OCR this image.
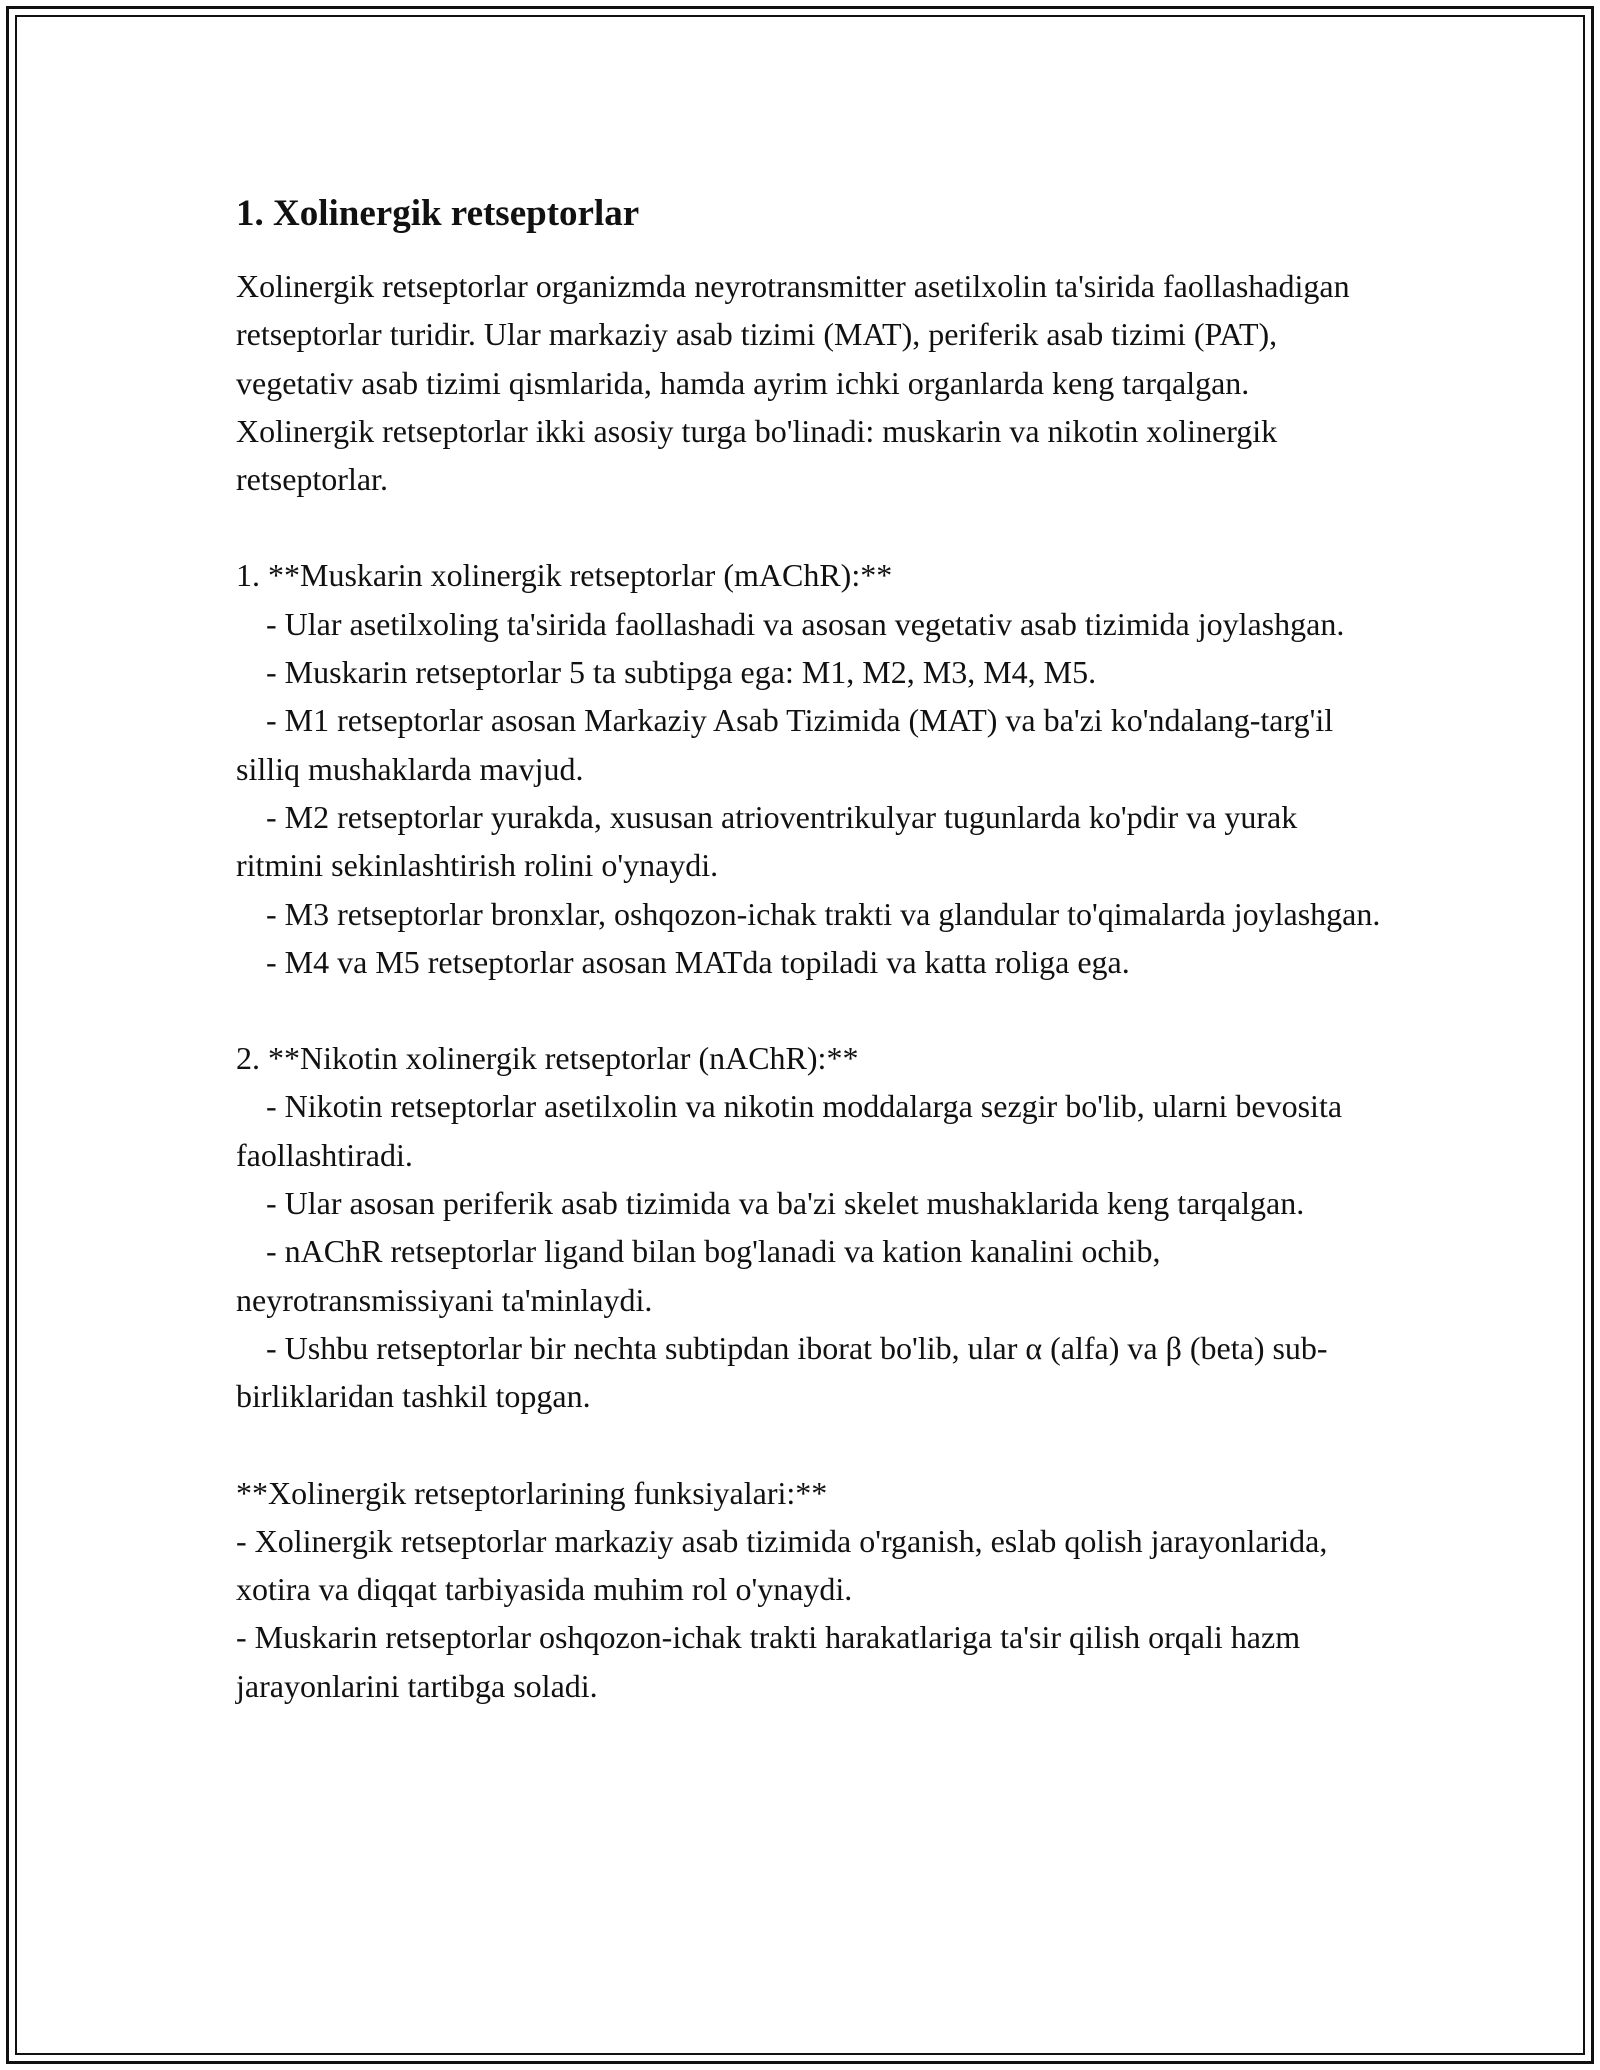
1. Xolinergik retseptorlar

Xolinergik retseptorlar organizmda neyrotransmitter asetilxolin ta'sirida faollashadigan retseptorlar turidir. Ular markaziy asab tizimi (MAT), periferik asab tizimi (PAT), vegetativ asab tizimi qismlarida, hamda ayrim ichki organlarda keng tarqalgan. Xolinergik retseptorlar ikki asosiy turga bo'linadi: muskarin va nikotin xolinergik retseptorlar.

1. **Muskarin xolinergik retseptorlar (mAChR):**
- Ular asetilxoling ta'sirida faollashadi va asosan vegetativ asab tizimida joylashgan.
- Muskarin retseptorlar 5 ta subtipga ega: M1, M2, M3, M4, M5.
- M1 retseptorlar asosan Markaziy Asab Tizimida (MAT) va ba'zi ko'ndalang-targ'il silliq mushaklarda mavjud.
- M2 retseptorlar yurakda, xususan atrioventrikulyar tugunlarda ko'pdir va yurak ritmini sekinlashtirish rolini o'ynaydi.
- M3 retseptorlar bronxlar, oshqozon-ichak trakti va glandular to'qimalarda joylashgan.
- M4 va M5 retseptorlar asosan MATda topiladi va katta roliga ega.
2. **Nikotin xolinergik retseptorlar (nAChR):**
- Nikotin retseptorlar asetilxolin va nikotin moddalarga sezgir bo'lib, ularni bevosita faollashtiradi.
- Ular asosan periferik asab tizimida va ba'zi skelet mushaklarida keng tarqalgan.
- nAChR retseptorlar ligand bilan bog'lanadi va kation kanalini ochib, neyrotransmissiyani ta'minlaydi.
- Ushbu retseptorlar bir nechta subtipdan iborat bo'lib, ular α (alfa) va β (beta) sub-birliklaridan tashkil topgan.
**Xolinergik retseptorlarining funksiyalari:**
- Xolinergik retseptorlar markaziy asab tizimida o'rganish, eslab qolish jarayonlarida, xotira va diqqat tarbiyasida muhim rol o'ynaydi.
- Muskarin retseptorlar oshqozon-ichak trakti harakatlariga ta'sir qilish orqali hazm jarayonlarini tartibga soladi.
